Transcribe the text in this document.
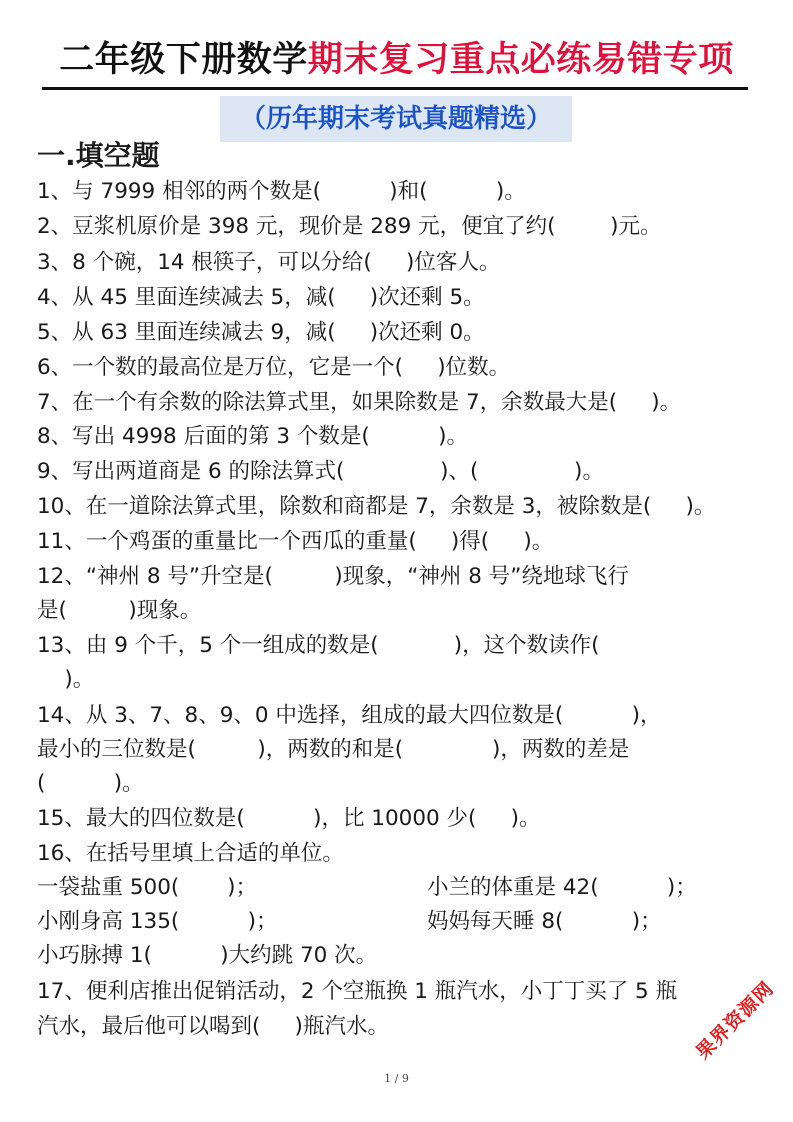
二年级下册数学期末复习重点必练易错专项
（历年期末考试真题精选）
一.填空题
1、与 7999 相邻的两个数是(          )和(          )。
2、豆浆机原价是 398 元，现价是 289 元，便宜了约(        )元。
3、8 个碗，14 根筷子，可以分给(     )位客人。
4、从 45 里面连续减去 5，减(     )次还剩 5。
5、从 63 里面连续减去 9，减(     )次还剩 0。
6、一个数的最高位是万位，它是一个(     )位数。
7、在一个有余数的除法算式里，如果除数是 7，余数最大是(     )。
8、写出 4998 后面的第 3 个数是(          )。
9、写出两道商是 6 的除法算式(              )、(              )。
10、在一道除法算式里，除数和商都是 7，余数是 3，被除数是(     )。
11、一个鸡蛋的重量比一个西瓜的重量(     )得(     )。
12、“神州 8 号”升空是(         )现象，“神州 8 号”绕地球飞行
是(         )现象。
13、由 9 个千，5 个一组成的数是(           )，这个数读作(
)。
14、从 3、7、8、9、0 中选择，组成的最大四位数是(          )，
最小的三位数是(         )，两数的和是(             )，两数的差是
(          )。
15、最大的四位数是(          )，比 10000 少(     )。
16、在括号里填上合适的单位。
一袋盐重 500(       )；
小刚身高 135(          )；
小巧脉搏 1(          )大约跳 70 次。
17、便利店推出促销活动，2 个空瓶换 1 瓶汽水，小丁丁买了 5 瓶
汽水，最后他可以喝到(     )瓶汽水。
小兰的体重是 42(          )；
妈妈每天睡 8(          )；
1 / 9
果界资源网
